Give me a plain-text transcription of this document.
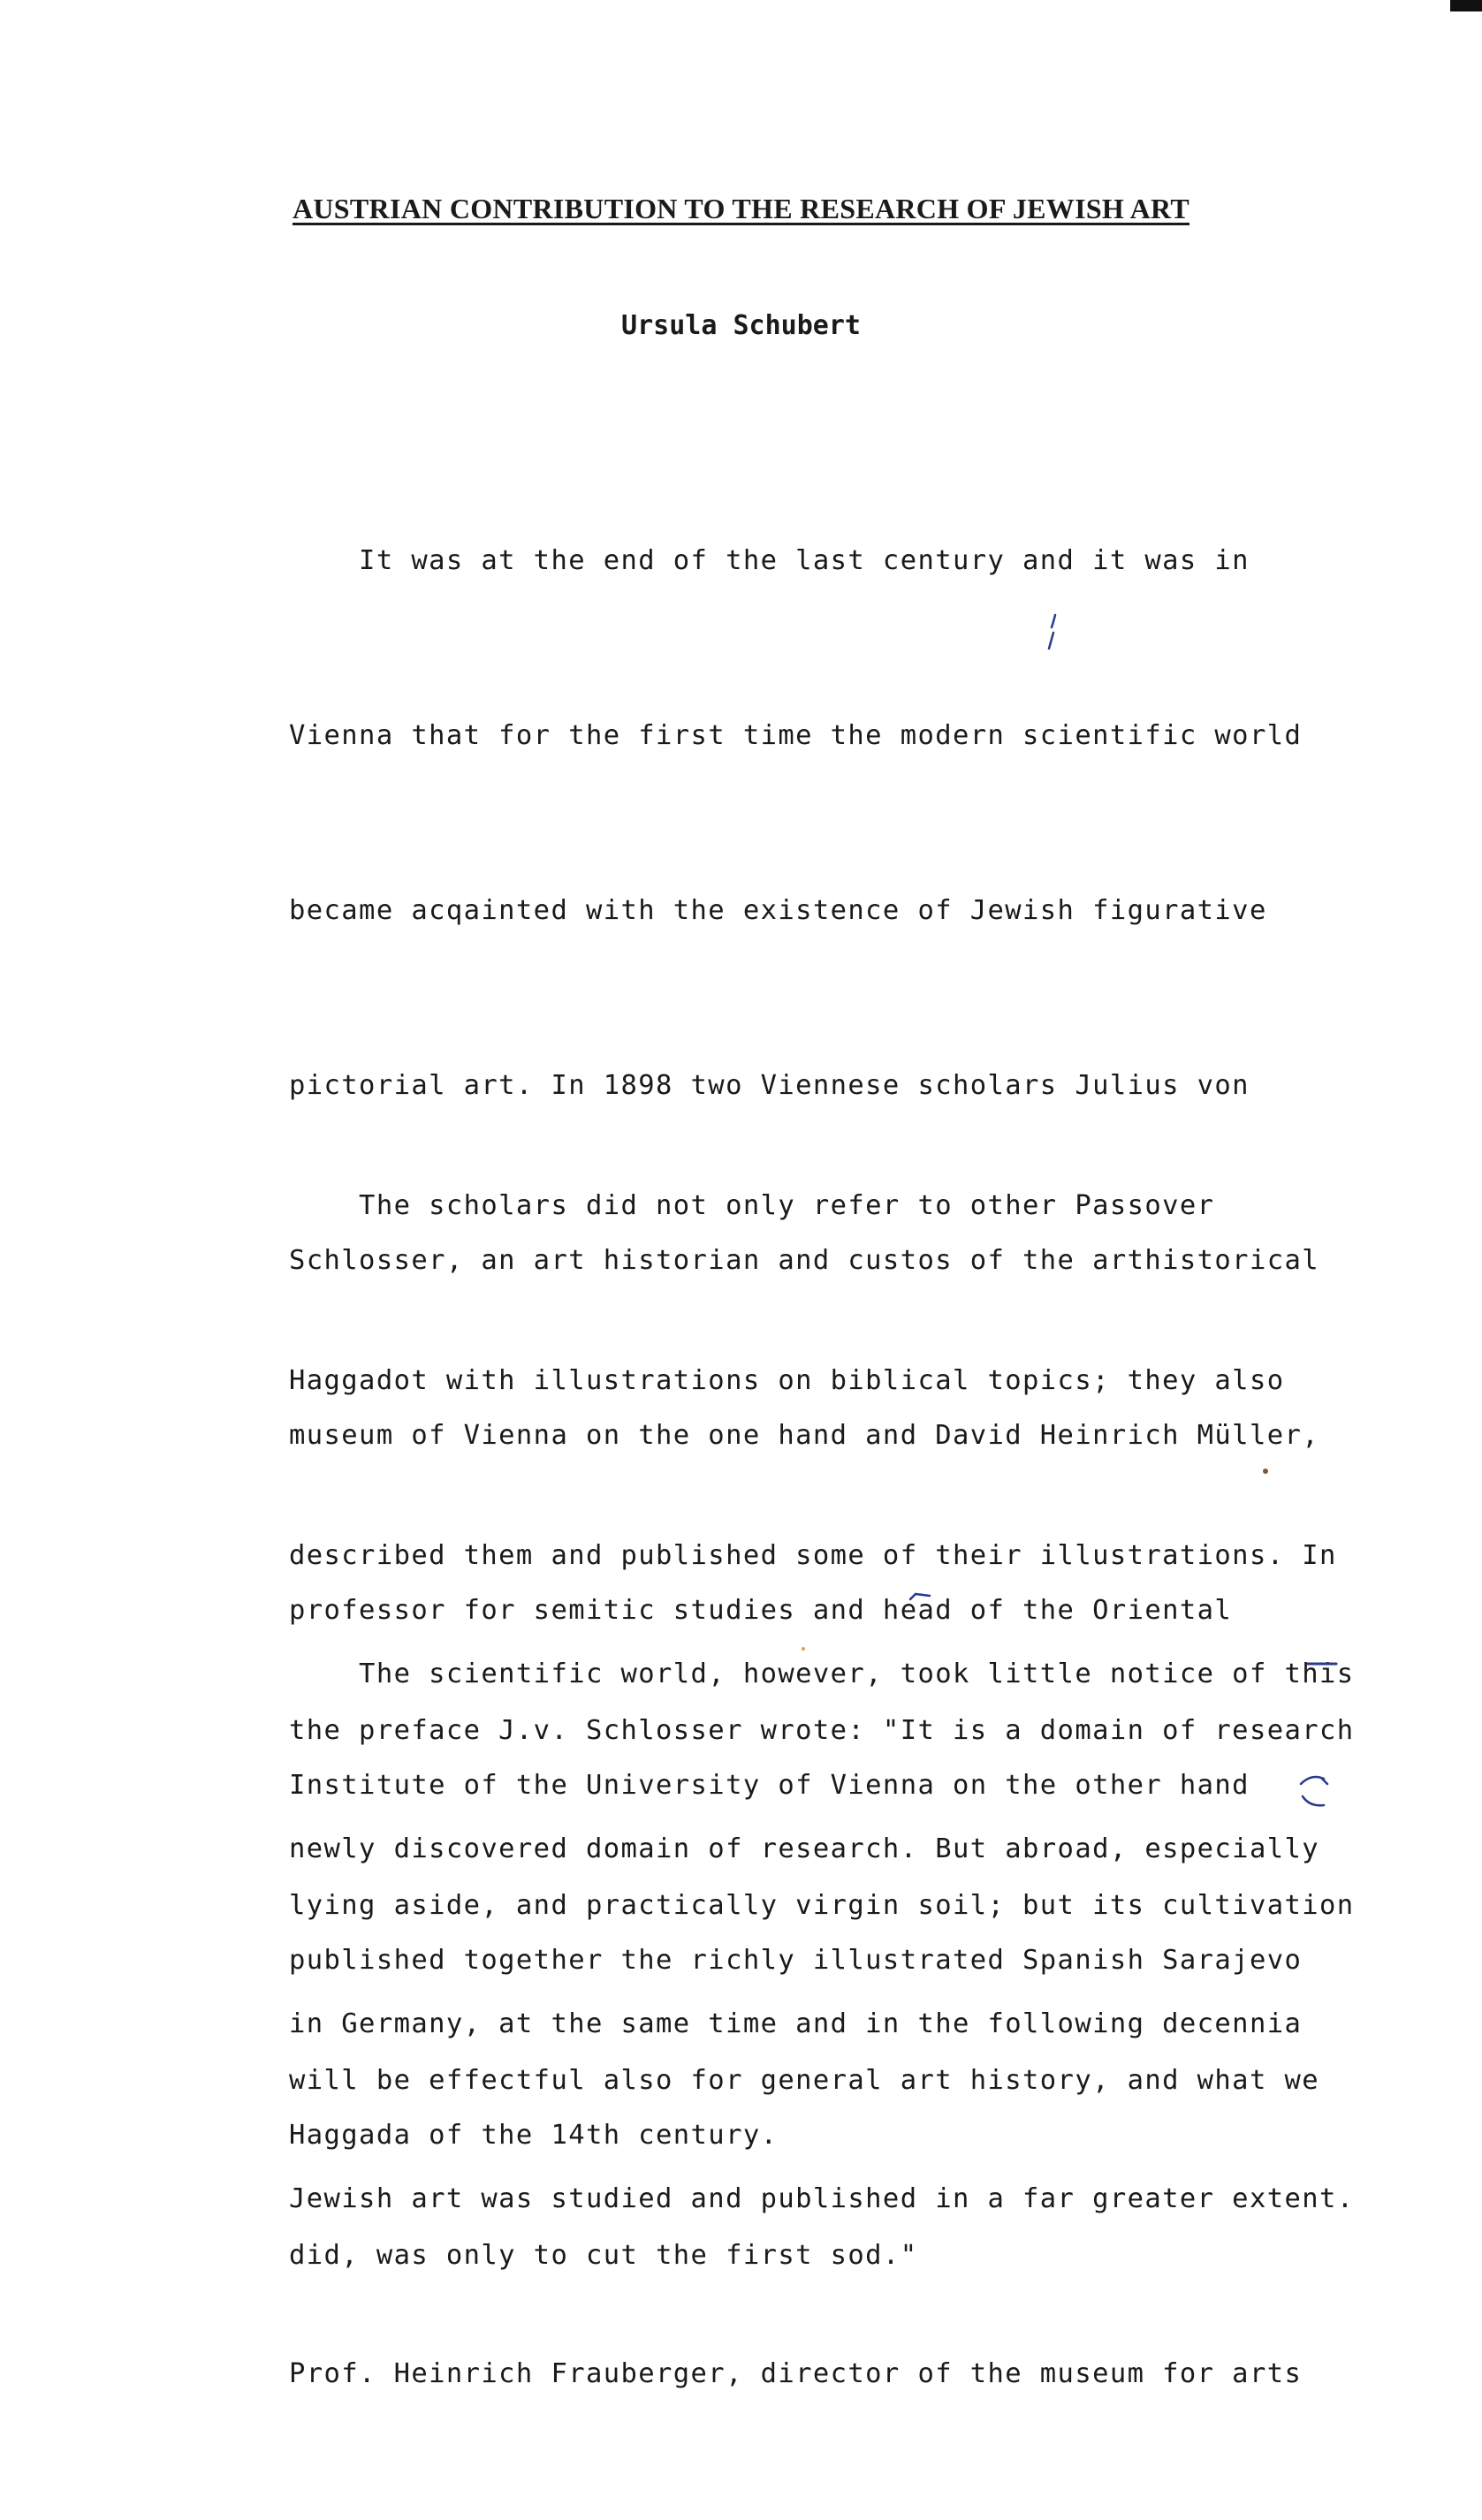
AUSTRIAN CONTRIBUTION TO THE RESEARCH OF JEWISH ART
Ursula Schubert

It was at the end of the last century and it was in

Vienna that for the first time the modern scientific world

became acqainted with the existence of Jewish figurative

pictorial art. In 1898 two Viennese scholars Julius von

Schlosser, an art historian and custos of the arthistorical

museum of Vienna on the one hand and David Heinrich Müller,

professor for semitic studies and head of the Oriental

Institute of the University of Vienna on the other hand

published together the richly illustrated Spanish Sarajevo

Haggada of the 14th century.

The scholars did not only refer to other Passover

Haggadot with illustrations on biblical topics; they also

described them and published some of their illustrations. In

the preface J.v. Schlosser wrote: "It is a domain of research

lying aside, and practically virgin soil; but its cultivation

will be effectful also for general art history, and what we

did, was only to cut the first sod."

The scientific world, however, took little notice of this

newly discovered domain of research. But abroad, especially

in Germany, at the same time and in the following decennia

Jewish art was studied and published in a far greater extent.

Prof. Heinrich Frauberger, director of the museum for arts
